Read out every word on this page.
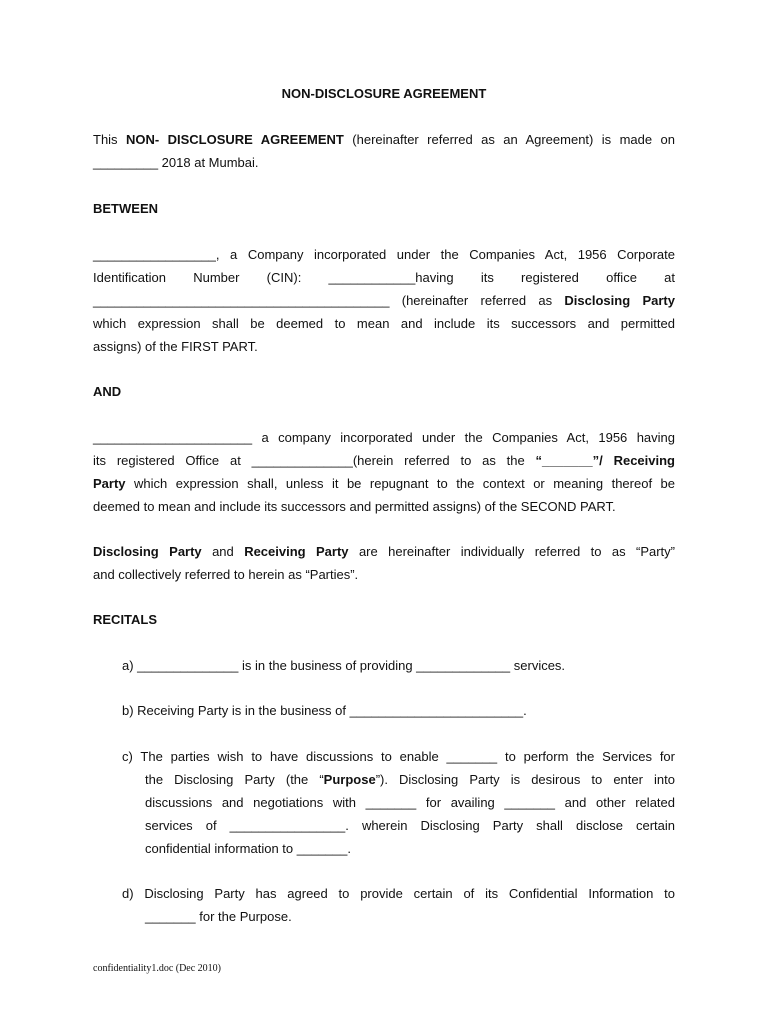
NON-DISCLOSURE AGREEMENT

This NON- DISCLOSURE AGREEMENT (hereinafter referred as an Agreement) is made on
_________ 2018 at Mumbai.

BETWEEN

_________________, a Company incorporated under the Companies Act, 1956 Corporate
Identification Number (CIN): ____________having its registered office at
_________________________________________ (hereinafter referred as Disclosing Party
which expression shall be deemed to mean and include its successors and permitted
assigns) of the FIRST PART.

AND

______________________ a company incorporated under the Companies Act, 1956 having
its registered Office at ______________(herein referred to as the “_______”/ Receiving
Party which expression shall, unless it be repugnant to the context or meaning thereof be
deemed to mean and include its successors and permitted assigns) of the SECOND PART.
Disclosing Party and Receiving Party are hereinafter individually referred to as “Party”
and collectively referred to herein as “Parties”.

RECITALS

a) ______________ is in the business of providing _____________ services.

b) Receiving Party is in the business of ________________________.

c) The parties wish to have discussions to enable _______ to perform the Services for
the Disclosing Party (the “Purpose”). Disclosing Party is desirous to enter into
discussions and negotiations with _______ for availing _______ and other related
services of ________________. wherein Disclosing Party shall disclose certain
confidential information to _______.
d) Disclosing Party has agreed to provide certain of its Confidential Information to
_______ for the Purpose.
confidentiality1.doc (Dec 2010)
